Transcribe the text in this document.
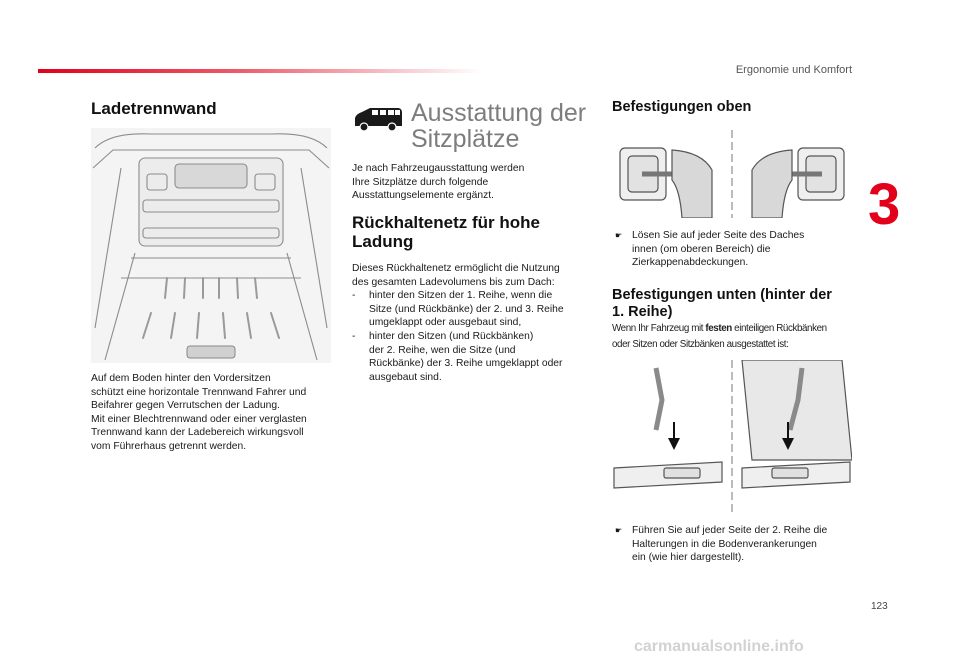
Ergonomie und Komfort
3
Ladetrennwand
Auf dem Boden hinter den Vordersitzen
schützt eine horizontale Trennwand Fahrer und
Beifahrer gegen Verrutschen der Ladung.
Mit einer Blechtrennwand oder einer verglasten
Trennwand kann der Ladebereich wirkungsvoll
vom Führerhaus getrennt werden.
Ausstattung der
Sitzplätze
Je nach Fahrzeugausstattung werden
Ihre Sitzplätze durch folgende
Ausstattungselemente ergänzt.
Rückhaltenetz für hohe
Ladung
Dieses Rückhaltenetz ermöglicht die Nutzung
des gesamten Ladevolumens bis zum Dach:
-	hinter den Sitzen der 1. Reihe, wenn die
Sitze (und Rückbänke) der 2. und 3. Reihe
umgeklappt oder ausgebaut sind,
-	hinter den Sitzen (und Rückbänken)
der 2. Reihe, wen die Sitze (und
Rückbänke) der 3. Reihe umgeklappt oder
ausgebaut sind.
Befestigungen oben
☛ Lösen Sie auf jeder Seite des Daches
innen (om oberen Bereich) die
Zierkappenabdeckungen.
Befestigungen unten (hinter der
1. Reihe)
Wenn Ihr Fahrzeug mit festen einteiligen Rückbänken
oder Sitzen oder Sitzbänken ausgestattet ist:
☛ Führen Sie auf jeder Seite der 2. Reihe die
Halterungen in die Bodenverankerungen
ein (wie hier dargestellt).
123
carmanualsonline.info
